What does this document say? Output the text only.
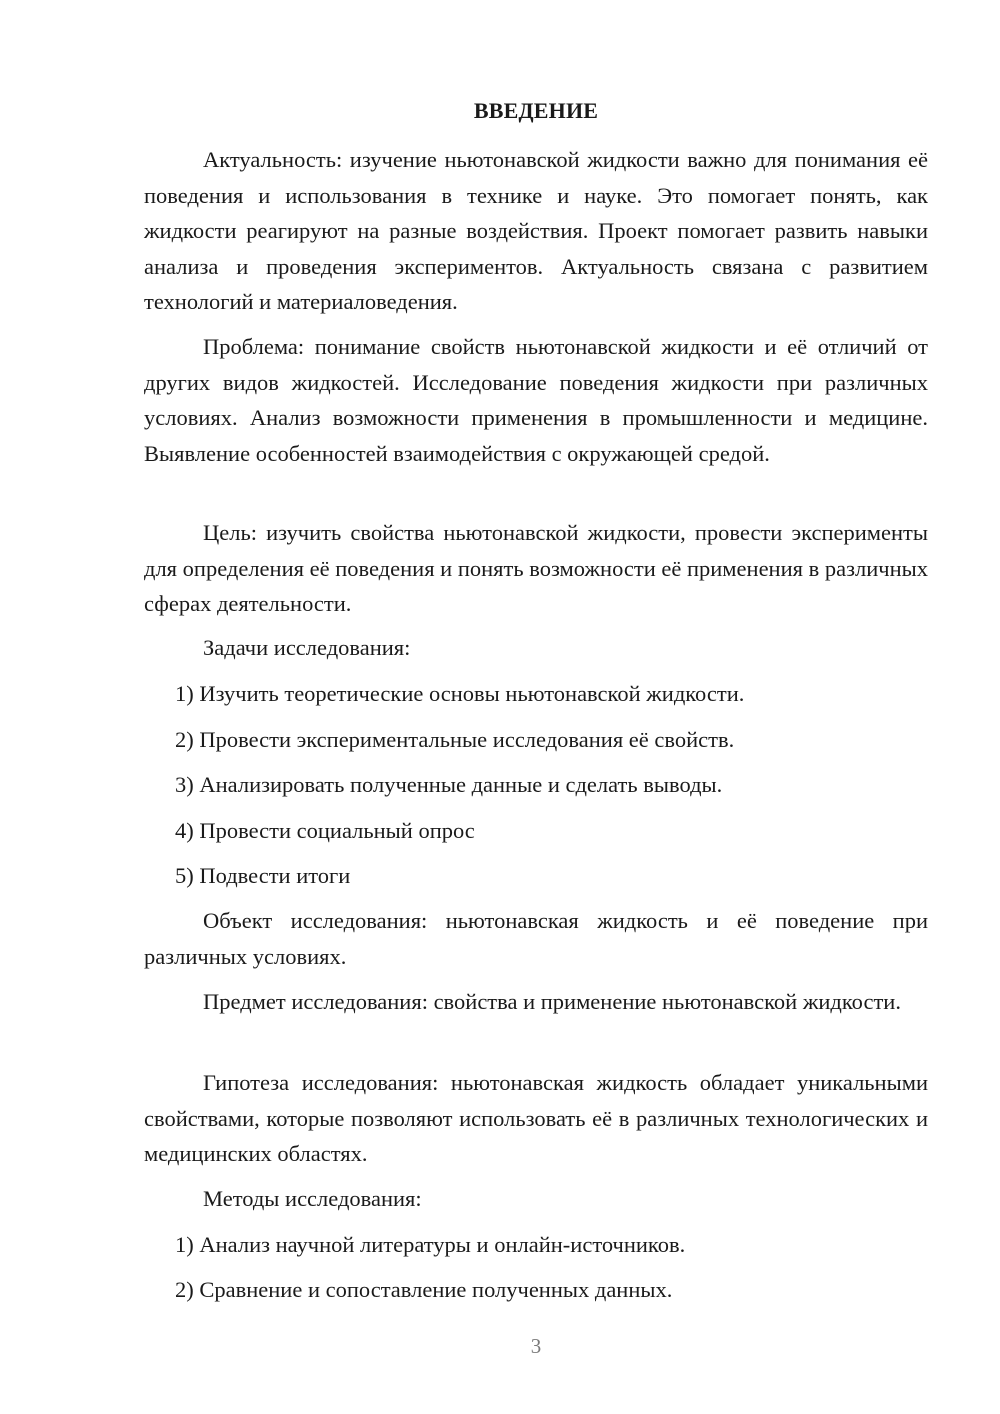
ВВЕДЕНИЕ

Актуальность: изучение ньютонавской жидкости важно для понимания её поведения и использования в технике и науке. Это помогает понять, как жидкости реагируют на разные воздействия. Проект помогает развить навыки анализа и проведения экспериментов. Актуальность связана с развитием технологий и материаловедения.

Проблема: понимание свойств ньютонавской жидкости и её отличий от других видов жидкостей. Исследование поведения жидкости при различных условиях. Анализ возможности применения в промышленности и медицине. Выявление особенностей взаимодействия с окружающей средой.

Цель: изучить свойства ньютонавской жидкости, провести эксперименты для определения её поведения и понять возможности её применения в различных сферах деятельности.

Задачи исследования:

1) Изучить теоретические основы ньютонавской жидкости.

2) Провести экспериментальные исследования её свойств.

3) Анализировать полученные данные и сделать выводы.

4) Провести социальный опрос

5) Подвести итоги

Объект исследования: ньютонавская жидкость и её поведение при различных условиях.

Предмет исследования: свойства и применение ньютонавской жидкости.

Гипотеза исследования: ньютонавская жидкость обладает уникальными свойствами, которые позволяют использовать её в различных технологических и медицинских областях.

Методы исследования:

1) Анализ научной литературы и онлайн-источников.

2) Сравнение и сопоставление полученных данных.

3
